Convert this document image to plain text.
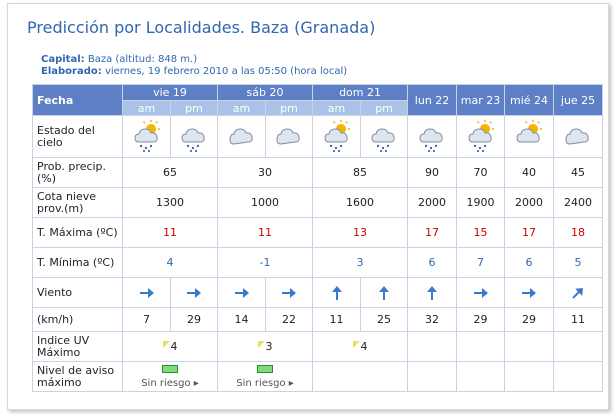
Predicción por Localidades. Baza (Granada)
Capital: Baza (altitud: 848 m.)
Elaborado: viernes, 19 febrero 2010 a las 05:50 (hora local)
Fecha	vie 19		sáb 20		dom 21		lun 22	mar 23	mié 24	jue 25
	am	pm	am	pm	am	pm				
Estado del cielo	

Prob. precip.(%)	65		30		85		90	70	40	45
Cota nieve prov.(m)	1300		1000		1600		2000	1900	2000	2400
T. Máxima (ºC)	11		11		13		17	15	17	18
T. Mínima (ºC)	4		-1		3		6	7	6	5
Viento	

(km/h)	7	29	14	22	11	25	32	29	29	11
Indice UV Máximo	4		3		4					
Nivel de aviso máximo	Sin riesgo ▸		Sin riesgo ▸							
